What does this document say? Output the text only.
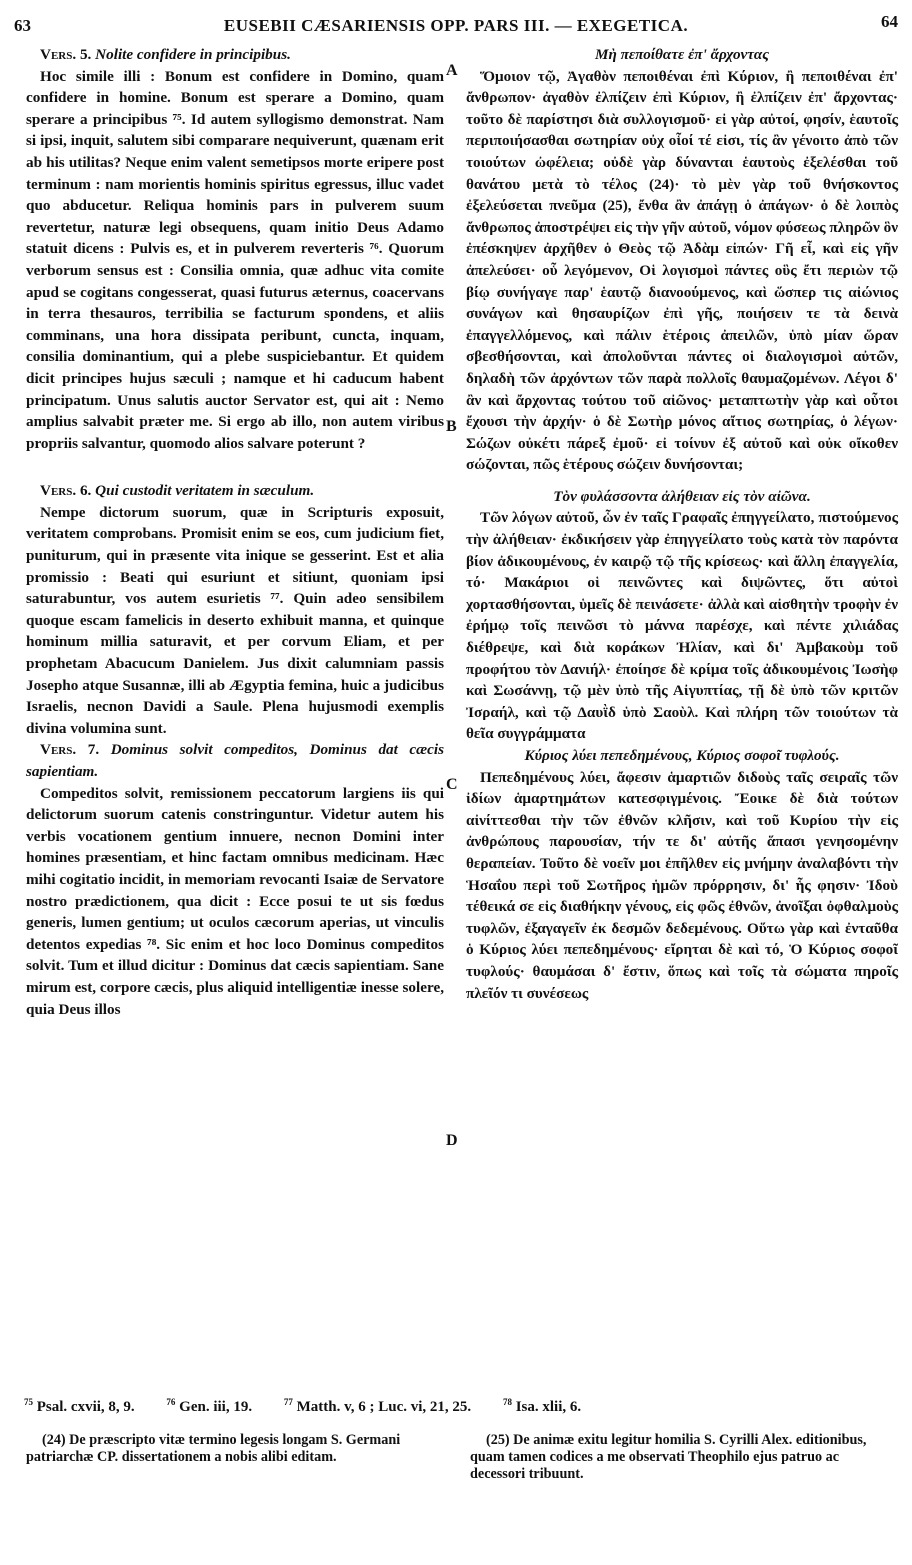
63	EUSEBII CÆSARIENSIS OPP. PARS III. — EXEGETICA.	64
A
B
C
D
Vers. 5. Nolite confidere in principibus.

Hoc simile illi : Bonum est confidere in Domino, quam confidere in homine. Bonum est sperare a Domino, quam sperare a principibus ⁷⁵. Id autem syllogismo demonstrat. Nam si ipsi, inquit, salutem sibi comparare nequiverunt, quænam erit ab his utilitas? Neque enim valent semetipsos morte eripere post terminum : nam morientis hominis spiritus egressus, illuc vadet quo abducetur. Reliqua hominis pars in pulverem suum revertetur, naturæ legi obsequens, quam initio Deus Adamo statuit dicens : Pulvis es, et in pulverem reverteris ⁷⁶. Quorum verborum sensus est : Consilia omnia, quæ adhuc vita comite apud se cogitans congesserat, quasi futurus æternus, coacervans in terra thesauros, terribilia se facturum spondens, et aliis comminans, una hora dissipata peribunt, cuncta, inquam, consilia dominantium, qui a plebe suspiciebantur. Et quidem dicit principes hujus sæculi ; namque et hi caducum habent principatum. Unus salutis auctor Servator est, qui ait : Nemo amplius salvabit præter me. Si ergo ab illo, non autem viribus propriis salvantur, quomodo alios salvare poterunt ?

Vers. 6. Qui custodit veritatem in sæculum.

Nempe dictorum suorum, quæ in Scripturis exposuit, veritatem comprobans. Promisit enim se eos, cum judicium fiet, puniturum, qui in præsente vita inique se gesserint. Est et alia promissio : Beati qui esuriunt et sitiunt, quoniam ipsi saturabuntur, vos autem esurietis ⁷⁷. Quin adeo sensibilem quoque escam famelicis in deserto exhibuit manna, et quinque hominum millia saturavit, et per corvum Eliam, et per prophetam Abacucum Danielem. Jus dixit calumniam passis Josepho atque Susannæ, illi ab Ægyptia femina, huic a judicibus Israelis, necnon Davidi a Saule. Plena hujusmodi exemplis divina volumina sunt.

Vers. 7. Dominus solvit compeditos, Dominus dat cæcis sapientiam.

Compeditos solvit, remissionem peccatorum largiens iis qui delictorum suorum catenis constringuntur. Videtur autem his verbis vocationem gentium innuere, necnon Domini inter homines præsentiam, et hinc factam omnibus medicinam. Hæc mihi cogitatio incidit, in memoriam revocanti Isaiæ de Servatore nostro prædictionem, qua dicit : Ecce posui te ut sis fœdus generis, lumen gentium; ut oculos cæcorum aperias, ut vinculis detentos expedias ⁷⁸. Sic enim et hoc loco Dominus compeditos solvit. Tum et illud dicitur : Dominus dat cæcis sapientiam. Sane mirum est, corpore cæcis, plus aliquid intelligentiæ inesse solere, quia Deus illos

Μὴ πεποίθατε ἐπ' ἄρχοντας

Ὅμοιον τῷ, Ἀγαθὸν πεποιθέναι ἐπὶ Κύριον, ἢ πεποιθέναι ἐπ' ἄνθρωπον· ἀγαθὸν ἐλπίζειν ἐπὶ Κύριον, ἢ ἐλπίζειν ἐπ' ἄρχοντας· τοῦτο δὲ παρίστησι διὰ συλλογισμοῦ· εἰ γὰρ αὐτοί, φησίν, ἑαυτοῖς περιποιήσασθαι σωτηρίαν οὐχ οἷοί τέ εἰσι, τίς ἂν γένοιτο ἀπὸ τῶν τοιούτων ὠφέλεια; οὐδὲ γὰρ δύνανται ἑαυτοὺς ἐξελέσθαι τοῦ θανάτου μετὰ τὸ τέλος (24)· τὸ μὲν γὰρ τοῦ θνήσκοντος ἐξελεύσεται πνεῦμα (25), ἔνθα ἂν ἀπάγῃ ὁ ἀπάγων· ὁ δὲ λοιπὸς ἄνθρωπος ἀποστρέψει εἰς τὴν γῆν αὐτοῦ, νόμον φύσεως πληρῶν ὃν ἐπέσκηψεν ἀρχῆθεν ὁ Θεὸς τῷ Ἀδὰμ εἰπών· Γῆ εἶ, καὶ εἰς γῆν ἀπελεύσει· οὗ λεγόμενον, Οἱ λογισμοὶ πάντες οὓς ἔτι περιὼν τῷ βίῳ συνήγαγε παρ' ἑαυτῷ διανοούμενος, καὶ ὥσπερ τις αἰώνιος συνάγων καὶ θησαυρίζων ἐπὶ γῆς, ποιήσειν τε τὰ δεινὰ ἐπαγγελλόμενος, καὶ πάλιν ἑτέροις ἀπειλῶν, ὑπὸ μίαν ὥραν σβεσθήσονται, καὶ ἀπολοῦνται πάντες οἱ διαλογισμοὶ αὐτῶν, δηλαδὴ τῶν ἀρχόντων τῶν παρὰ πολλοῖς θαυμαζομένων. Λέγοι δ' ἂν καὶ ἄρχοντας τούτου τοῦ αἰῶνος· μεταπτωτὴν γὰρ καὶ οὗτοι ἔχουσι τὴν ἀρχήν· ὁ δὲ Σωτὴρ μόνος αἴτιος σωτηρίας, ὁ λέγων· Σώζων οὐκέτι πάρεξ ἐμοῦ· εἰ τοίνυν ἐξ αὐτοῦ καὶ οὐκ οἴκοθεν σώζονται, πῶς ἑτέρους σώζειν δυνήσονται;

Τὸν φυλάσσοντα ἀλήθειαν εἰς τὸν αἰῶνα.

Τῶν λόγων αὐτοῦ, ὧν ἐν ταῖς Γραφαῖς ἐπηγγείλατο, πιστούμενος τὴν ἀλήθειαν· ἐκδικήσειν γὰρ ἐπηγγείλατο τοὺς κατὰ τὸν παρόντα βίον ἀδικουμένους, ἐν καιρῷ τῷ τῆς κρίσεως· καὶ ἄλλη ἐπαγγελία, τό· Μακάριοι οἱ πεινῶντες καὶ διψῶντες, ὅτι αὐτοὶ χορτασθήσονται, ὑμεῖς δὲ πεινάσετε· ἀλλὰ καὶ αἰσθητὴν τροφὴν ἐν ἐρήμῳ τοῖς πεινῶσι τὸ μάννα παρέσχε, καὶ πέντε χιλιάδας διέθρεψε, καὶ διὰ κοράκων Ἠλίαν, καὶ δι' Ἀμβακοὺμ τοῦ προφήτου τὸν Δανιήλ· ἐποίησε δὲ κρίμα τοῖς ἀδικουμένοις Ἰωσὴφ καὶ Σωσάννῃ, τῷ μὲν ὑπὸ τῆς Αἰγυπτίας, τῇ δὲ ὑπὸ τῶν κριτῶν Ἰσραήλ, καὶ τῷ Δαυῒδ ὑπὸ Σαοὺλ. Καὶ πλήρη τῶν τοιούτων τὰ θεῖα συγγράμματα

Κύριος λύει πεπεδημένους, Κύριος σοφοῖ τυφλούς.

Πεπεδημένους λύει, ἄφεσιν ἁμαρτιῶν διδοὺς ταῖς σειραῖς τῶν ἰδίων ἁμαρτημάτων κατεσφιγμένοις. Ἔοικε δὲ διὰ τούτων αἰνίττεσθαι τὴν τῶν ἐθνῶν κλῆσιν, καὶ τοῦ Κυρίου τὴν εἰς ἀνθρώπους παρουσίαν, τήν τε δι' αὐτῆς ἅπασι γενησομένην θεραπείαν. Τοῦτο δὲ νοεῖν μοι ἐπῆλθεν εἰς μνήμην ἀναλαβόντι τὴν Ἡσαΐου περὶ τοῦ Σωτῆρος ἡμῶν πρόρρησιν, δι' ἧς φησιν· Ἰδοὺ τέθεικά σε εἰς διαθήκην γένους, εἰς φῶς ἐθνῶν, ἀνοῖξαι ὀφθαλμοὺς τυφλῶν, ἐξαγαγεῖν ἐκ δεσμῶν δεδεμένους. Οὕτω γὰρ καὶ ἐνταῦθα ὁ Κύριος λύει πεπεδημένους· εἴρηται δὲ καὶ τό, Ὁ Κύριος σοφοῖ τυφλούς· θαυμάσαι δ' ἔστιν, ὅπως καὶ τοῖς τὰ σώματα πηροῖς πλεῖόν τι συνέσεως

$^{75}$ Psal. cxvii, 8, 9.	$^{76}$ Gen. iii, 19.	$^{77}$ Matth. v, 6 ; Luc. vi, 21, 25.	$^{78}$ Isa. xlii, 6.

(24) De præscripto vitæ termino legesis longam S. Germani patriarchæ CP. dissertationem a nobis alibi editam.

(25) De animæ exitu legitur homilia S. Cyrilli Alex. editionibus, quam tamen codices a me observati Theophilo ejus patruo ac decessori tribuunt.
